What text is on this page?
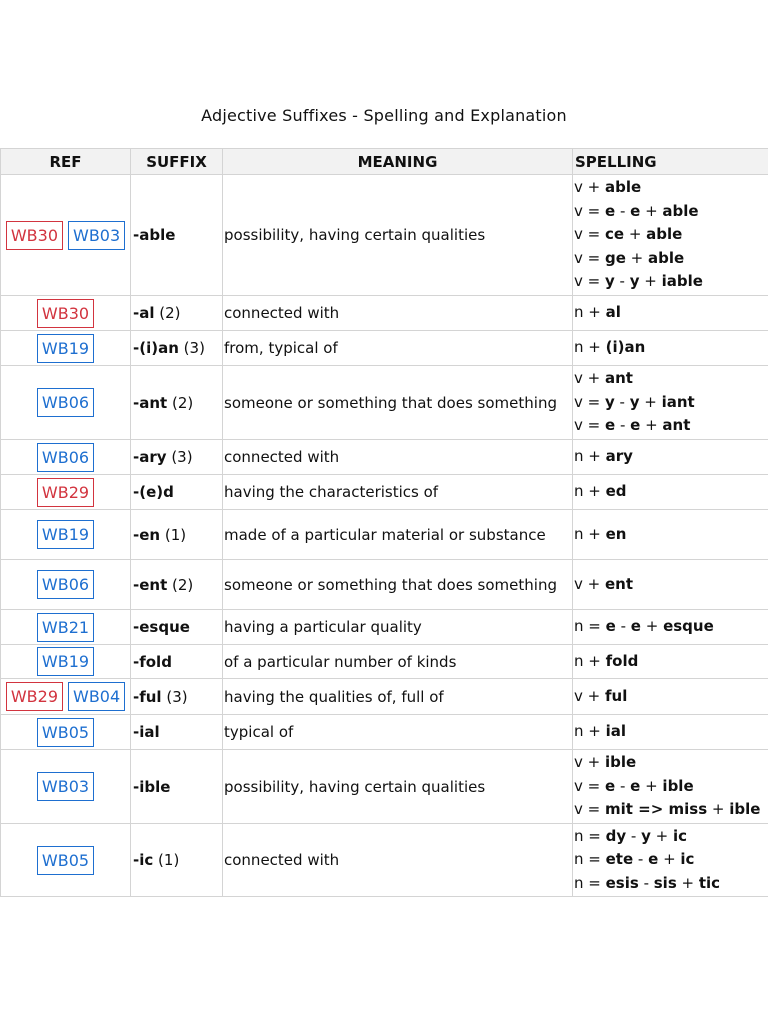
Adjective Suffixes - Spelling and Explanation
REF	SUFFIX	MEANING	SPELLING
WB30 WB03	-able	possibility, having certain qualities	v + able
v = e - e + able
v = ce + able
v = ge + able
v = y - y + iable

WB30	-al (2)	connected with	n + al

WB19	-(i)an (3)	from, typical of	n + (i)an

WB06	-ant (2)	someone or something that does something	v + ant
v = y - y + iant
v = e - e + ant

WB06	-ary (3)	connected with	n + ary

WB29	-(e)d	having the characteristics of	n + ed

WB19	-en (1)	made of a particular material or substance	n + en

WB06	-ent (2)	someone or something that does something	v + ent

WB21	-esque	having a particular quality	n = e - e + esque

WB19	-fold	of a particular number of kinds	n + fold

WB29 WB04	-ful (3)	having the qualities of, full of	v + ful

WB05	-ial	typical of	n + ial

WB03	-ible	possibility, having certain qualities	v + ible
v = e - e + ible
v = mit => miss + ible

WB05	-ic (1)	connected with	n = dy - y + ic
n = ete - e + ic
n = esis - sis + tic
